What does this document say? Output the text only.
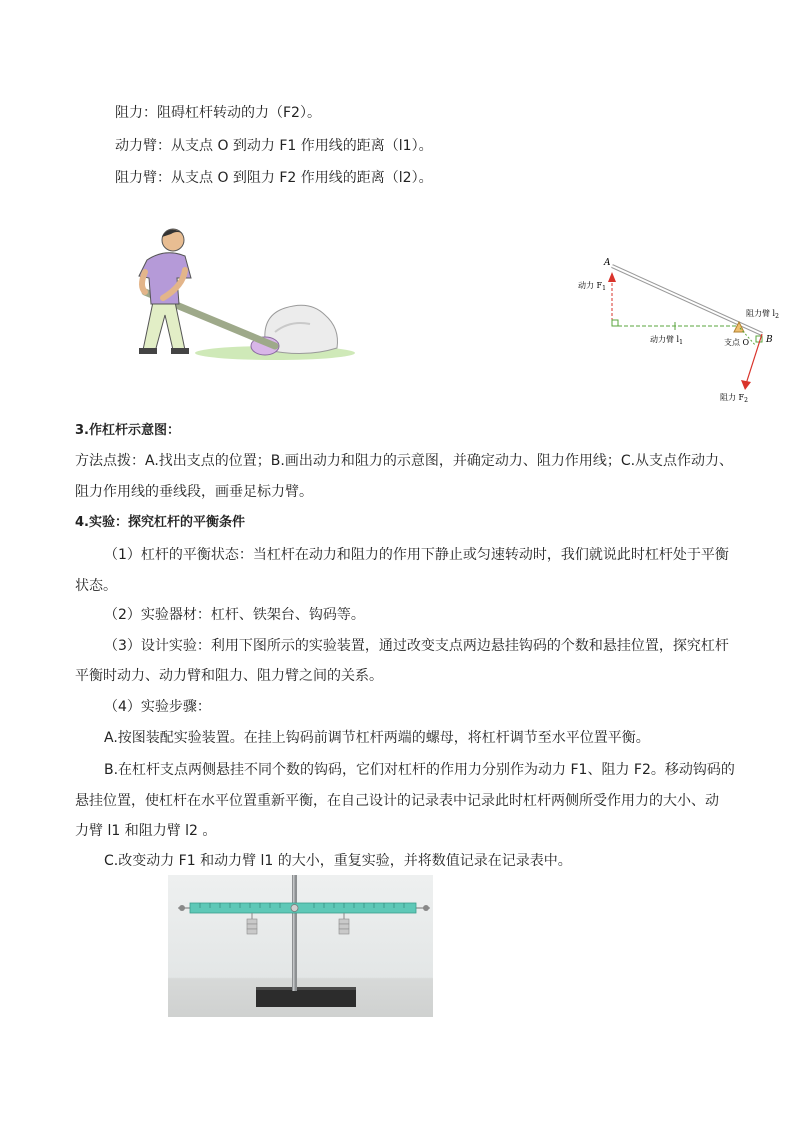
阻力：阻碍杠杆转动的力（F2）。
动力臂：从支点 O 到动力 F1 作用线的距离（l1）。
阻力臂：从支点 O 到阻力 F2 作用线的距离（l2）。
A
B
动力 $F_1$
动力臂 $l_1$	支点 O
阻力臂 $l_2$
阻力 $F_2$
3.作杠杆示意图：
方法点拨：A.找出支点的位置；B.画出动力和阻力的示意图，并确定动力、阻力作用线；C.从支点作动力、
阻力作用线的垂线段，画垂足标力臂。
4.实验：探究杠杆的平衡条件
（1）杠杆的平衡状态：当杠杆在动力和阻力的作用下静止或匀速转动时，我们就说此时杠杆处于平衡
状态。
（2）实验器材：杠杆、铁架台、钩码等。
（3）设计实验：利用下图所示的实验装置，通过改变支点两边悬挂钩码的个数和悬挂位置，探究杠杆
平衡时动力、动力臂和阻力、阻力臂之间的关系。
（4）实验步骤：
A.按图装配实验装置。在挂上钩码前调节杠杆两端的螺母，将杠杆调节至水平位置平衡。
B.在杠杆支点两侧悬挂不同个数的钩码，它们对杠杆的作用力分别作为动力 F1、阻力 F2。移动钩码的
悬挂位置，使杠杆在水平位置重新平衡，在自己设计的记录表中记录此时杠杆两侧所受作用力的大小、动
力臂 l1 和阻力臂 l2 。
C.改变动力 F1 和动力臂 l1 的大小，重复实验，并将数值记录在记录表中。
